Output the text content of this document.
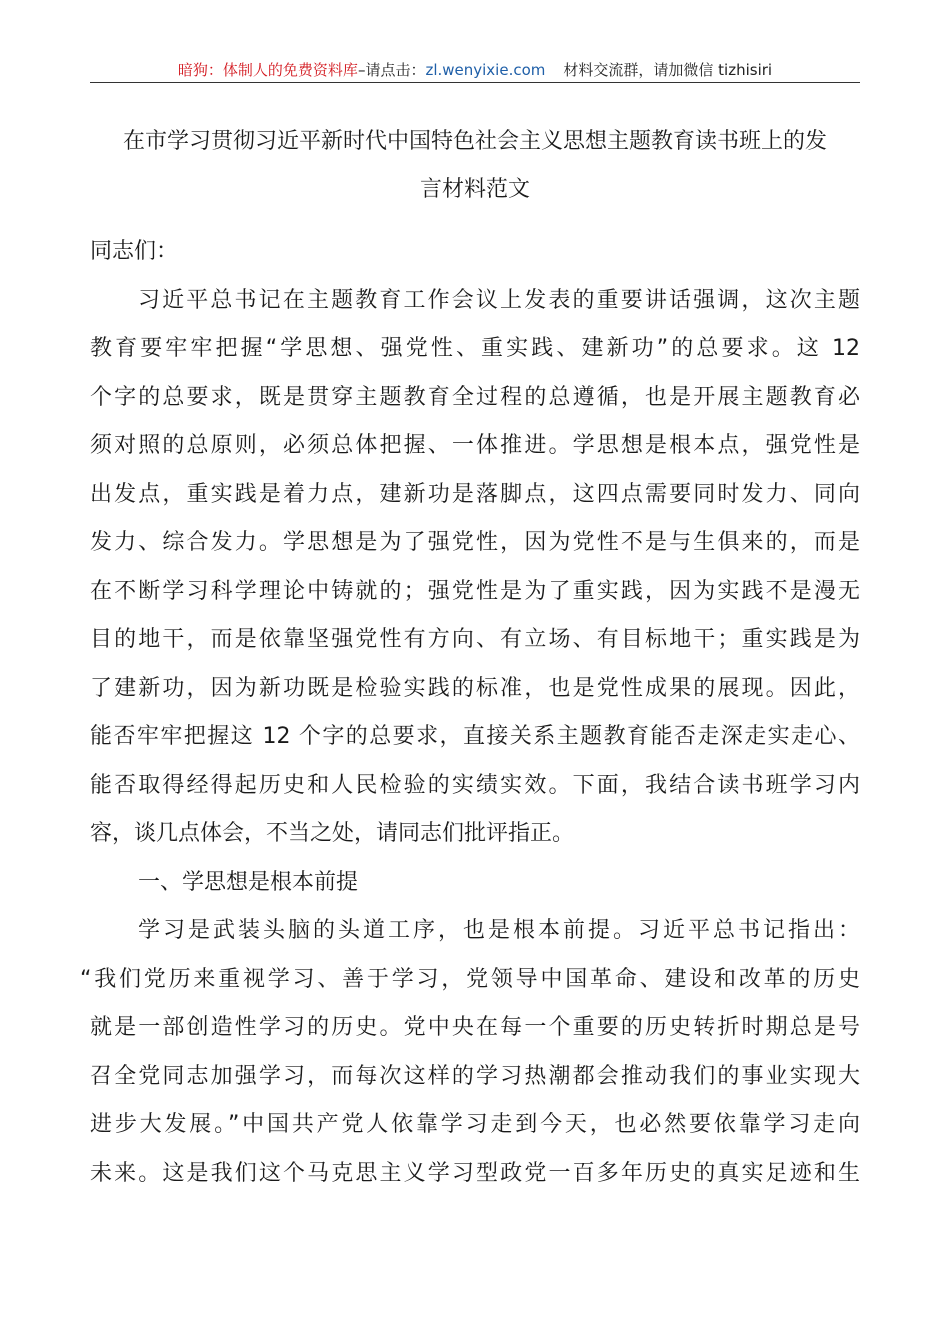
暗狗：体制人的免费资料库–请点击：zl.wenyixie.com 材料交流群，请加微信 tizhisiri
在市学习贯彻习近平新时代中国特色社会主义思想主题教育读书班上的发
言材料范文
同志们：
习近平总书记在主题教育工作会议上发表的重要讲话强调，这次主题
教育要牢牢把握“学思想、强党性、重实践、建新功”的总要求。这 12
个字的总要求，既是贯穿主题教育全过程的总遵循，也是开展主题教育必
须对照的总原则，必须总体把握、一体推进。学思想是根本点，强党性是
出发点，重实践是着力点，建新功是落脚点，这四点需要同时发力、同向
发力、综合发力。学思想是为了强党性，因为党性不是与生俱来的，而是
在不断学习科学理论中铸就的；强党性是为了重实践，因为实践不是漫无
目的地干，而是依靠坚强党性有方向、有立场、有目标地干；重实践是为
了建新功，因为新功既是检验实践的标准，也是党性成果的展现。因此，
能否牢牢把握这 12 个字的总要求，直接关系主题教育能否走深走实走心、
能否取得经得起历史和人民检验的实绩实效。下面，我结合读书班学习内
容，谈几点体会，不当之处，请同志们批评指正。
一、学思想是根本前提
学习是武装头脑的头道工序，也是根本前提。习近平总书记指出：
“我们党历来重视学习、善于学习，党领导中国革命、建设和改革的历史
就是一部创造性学习的历史。党中央在每一个重要的历史转折时期总是号
召全党同志加强学习，而每次这样的学习热潮都会推动我们的事业实现大
进步大发展。”中国共产党人依靠学习走到今天，也必然要依靠学习走向
未来。这是我们这个马克思主义学习型政党一百多年历史的真实足迹和生
